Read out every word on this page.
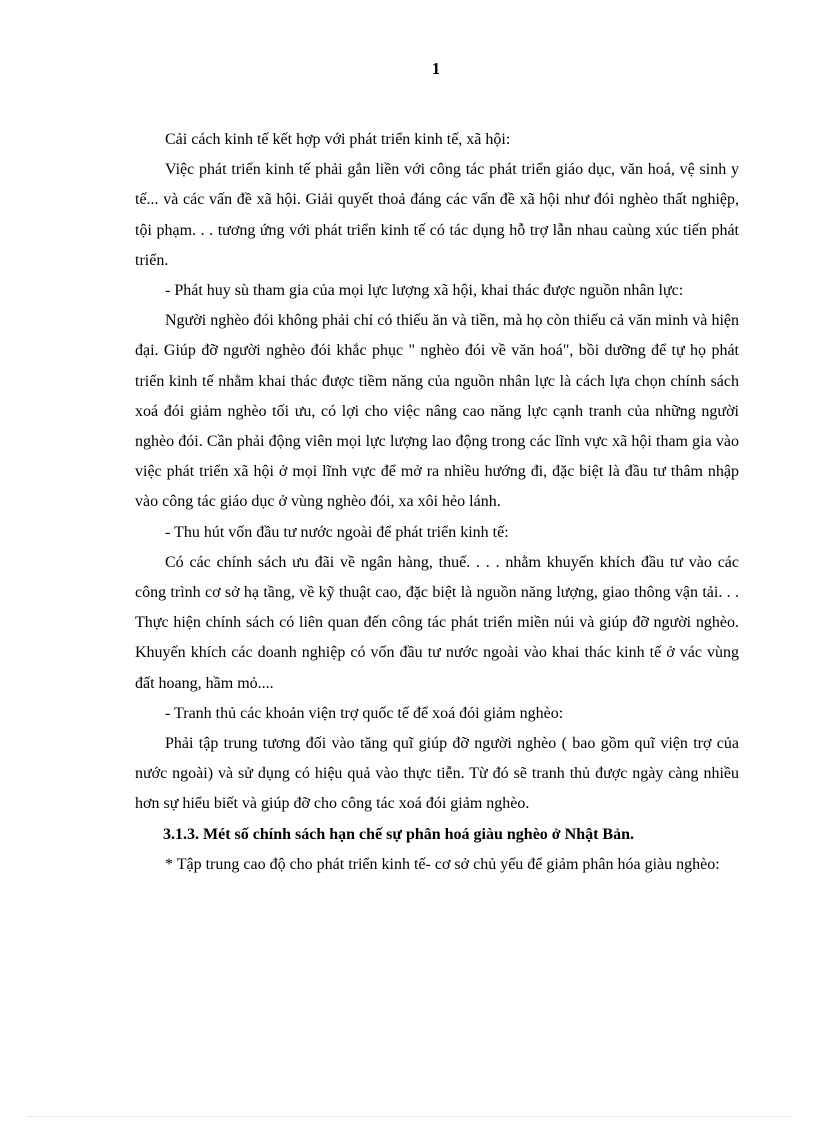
1

Cải cách kinh tế kết hợp với phát triển kinh tế, xã hội:

Việc phát triển kinh tế phải gắn liền với công tác phát triển giáo dục, văn hoá, vệ sinh y tế... và các vấn đề xã hội. Giải quyết thoả đáng các vấn đề xã hội như đói nghèo thất nghiệp, tội phạm. . . tương ứng với phát triển kinh tế có tác dụng hỗ trợ lẫn nhau caùng xúc tiến phát triển.

- Phát huy sù tham gia của mọi lực lượng xã hội, khai thác được nguồn nhân lực:

Người nghèo đói không phải chỉ có thiếu ăn và tiền, mà họ còn thiếu cả văn minh và hiện đại. Giúp đỡ người nghèo đói khắc phục " nghèo đói về văn hoá", bồi dưỡng để tự họ phát triển kinh tế nhằm khai thác được tiềm năng của nguồn nhân lực là cách lựa chọn chính sách xoá đói giảm nghèo tối ưu, có lợi cho việc nâng cao năng lực cạnh tranh của những người nghèo đói. Cần phải động viên mọi lực lượng lao động trong các lĩnh vực xã hội tham gia vào việc phát triển xã hội ở mọi lĩnh vực để mở ra nhiều hướng đi, đặc biệt là đầu tư thâm nhập vào công tác giáo dục ở vùng nghèo đói, xa xôi hẻo lánh.

- Thu hút vốn đầu tư nước ngoài để phát triển kinh tế:

Có các chính sách ưu đãi về ngân hàng, thuế. . . . nhằm khuyến khích đầu tư vào các công trình cơ sở hạ tầng, về kỹ thuật cao, đặc biệt là nguồn năng lượng, giao thông vận tải. . . Thực hiện chính sách có liên quan đến công tác phát triển miền núi và giúp đỡ người nghèo. Khuyến khích các doanh nghiệp có vốn đầu tư nước ngoài vào khai thác kinh tế ở vác vùng đất hoang, hầm mỏ....

- Tranh thủ các khoản viện trợ quốc tế để xoá đói giảm nghèo:

Phải tập trung tương đối vào tăng quĩ giúp đỡ người nghèo ( bao gồm quĩ viện trợ của nước ngoài) và sử dụng có hiệu quả vào thực tiễn. Từ đó sẽ tranh thủ được ngày càng nhiều hơn sự hiểu biết và giúp đỡ cho công tác xoá đói giảm nghèo.

3.1.3. Mét số chính sách hạn chế sự phân hoá giàu nghèo ở Nhật Bản.

* Tập trung cao độ cho phát triển kinh tế- cơ sở chủ yếu để giảm phân hóa giàu nghèo:
